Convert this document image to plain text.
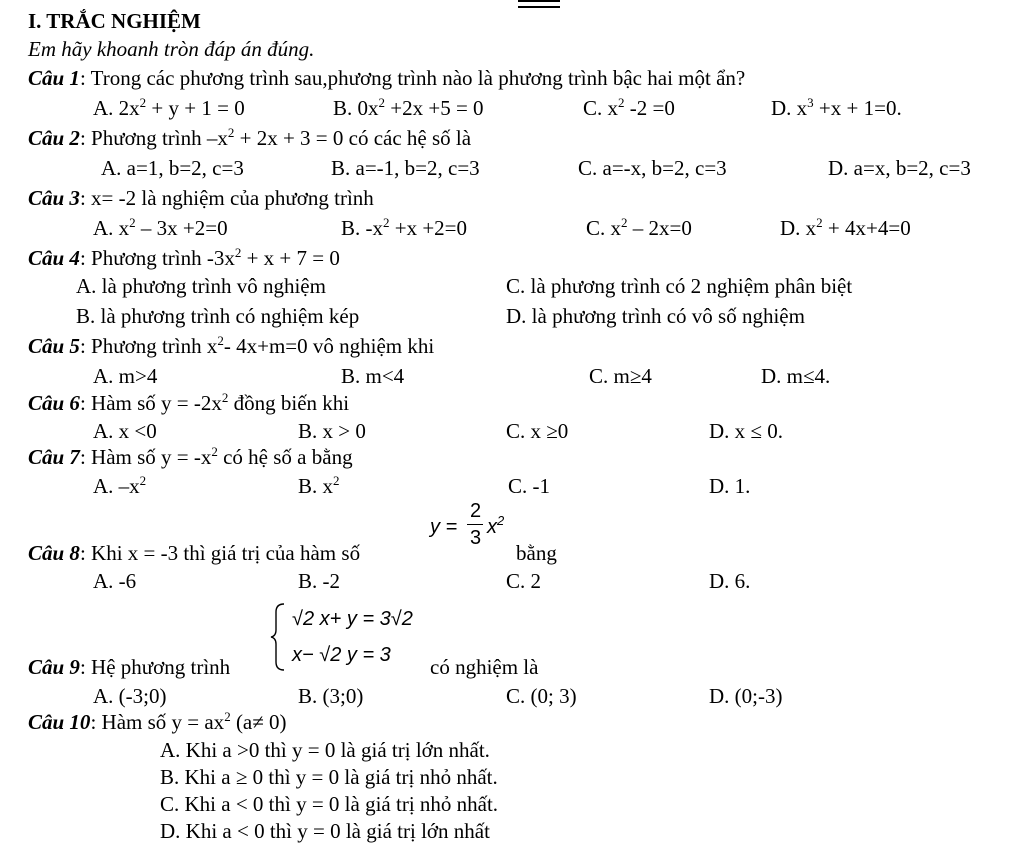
I. TRẮC NGHIỆM
Em hãy khoanh tròn đáp án đúng.
Câu 1: Trong các phương trình sau,phương trình nào là phương trình bậc hai một ẩn?
A. $2x^2 + y + 1 = 0$	B. $0x^2 +2x +5 = 0$	C. $x^2$ -2 =0	D. $x^3 +x + 1=0$.
Câu 2: Phương trình $-x^2 + 2x + 3 = 0$ có các hệ số là
A. a=1, b=2, c=3	B. a=-1, b=2, c=3	C. a=-x, b=2, c=3	D. a=x, b=2, c=3
Câu 3: x= -2 là nghiệm của phương trình
A. $x^2 - 3x +2=0$	B. $-x^2 +x +2=0$	C. $x^2 - 2x=0$	D. $x^2 + 4x+4=0$
Câu 4: Phương trình $-3x^2 + x + 7 = 0$
A. là phương trình vô nghiệm	C. là phương trình có 2 nghiệm phân biệt
B. là phương trình có nghiệm kép	D. là phương trình có vô số nghiệm
Câu 5: Phương trình $x^2-$ 4x+m=0 vô nghiệm khi
A. m>4	B. m<4	C. m≥4	D. m≤4.
Câu 6: Hàm số $y = -2x^2$ đồng biến khi
A. x <0	B. x > 0	C. x ≥0	D. x ≤ 0.
Câu 7: Hàm số $y = -x^2$ có hệ số a bằng
A. $-x^2$	B. $x^2$	C. -1	D. 1.
Câu 8: Khi x = -3 thì giá trị của hàm số
y =
2
3 $x^2$
bằng
A. -6	B. -2	C. 2	D. 6.
Câu 9: Hệ phương trình
√2 x+ y = 3√2
x− √2 y = 3 có nghiệm là
A. (-3;0)	B. (3;0)	C. (0; 3)	D. (0;-3)
Câu 10: Hàm số $y = ax^2$ (a≠ 0)
A. Khi a >0 thì y = 0 là giá trị lớn nhất.
B. Khi a ≥ 0 thì y = 0 là giá trị nhỏ nhất.
C. Khi a < 0 thì y = 0 là giá trị nhỏ nhất.
D. Khi a < 0 thì y = 0 là giá trị lớn nhất
